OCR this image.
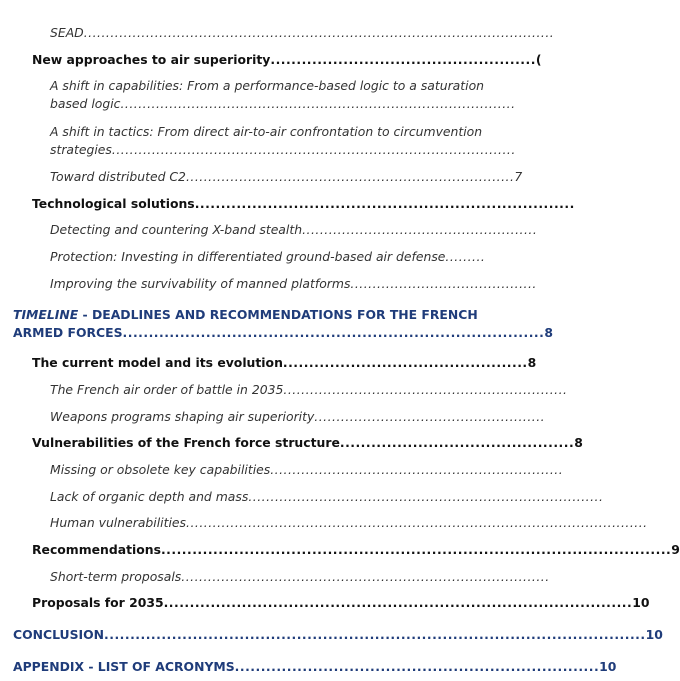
SEAD..........................................................................................................
New approaches to air superiority...................................................(
A shift in capabilities: From a performance-based logic to a saturation
based logic.........................................................................................
A shift in tactics: From direct air-to-air confrontation to circumvention
strategies...........................................................................................
Toward distributed C2..........................................................................7
Technological solutions.........................................................................
Detecting and countering X-band stealth.....................................................
Protection: Investing in differentiated ground-based air defense.........
Improving the survivability of manned platforms..........................................
TIMELINE - DEADLINES AND RECOMMENDATIONS FOR THE FRENCH
ARMED FORCES.................................................................................8
The current model and its evolution...............................................8
The French air order of battle in 2035................................................................
Weapons programs shaping air superiority....................................................
Vulnerabilities of the French force structure.............................................8
Missing or obsolete key capabilities..................................................................
Lack of organic depth and mass................................................................................
Human vulnerabilities........................................................................................................
Recommendations..................................................................................................9
Short-term proposals...................................................................................
Proposals for 2035..........................................................................................10
CONCLUSION........................................................................................................10
APPENDIX - LIST OF ACRONYMS......................................................................10
